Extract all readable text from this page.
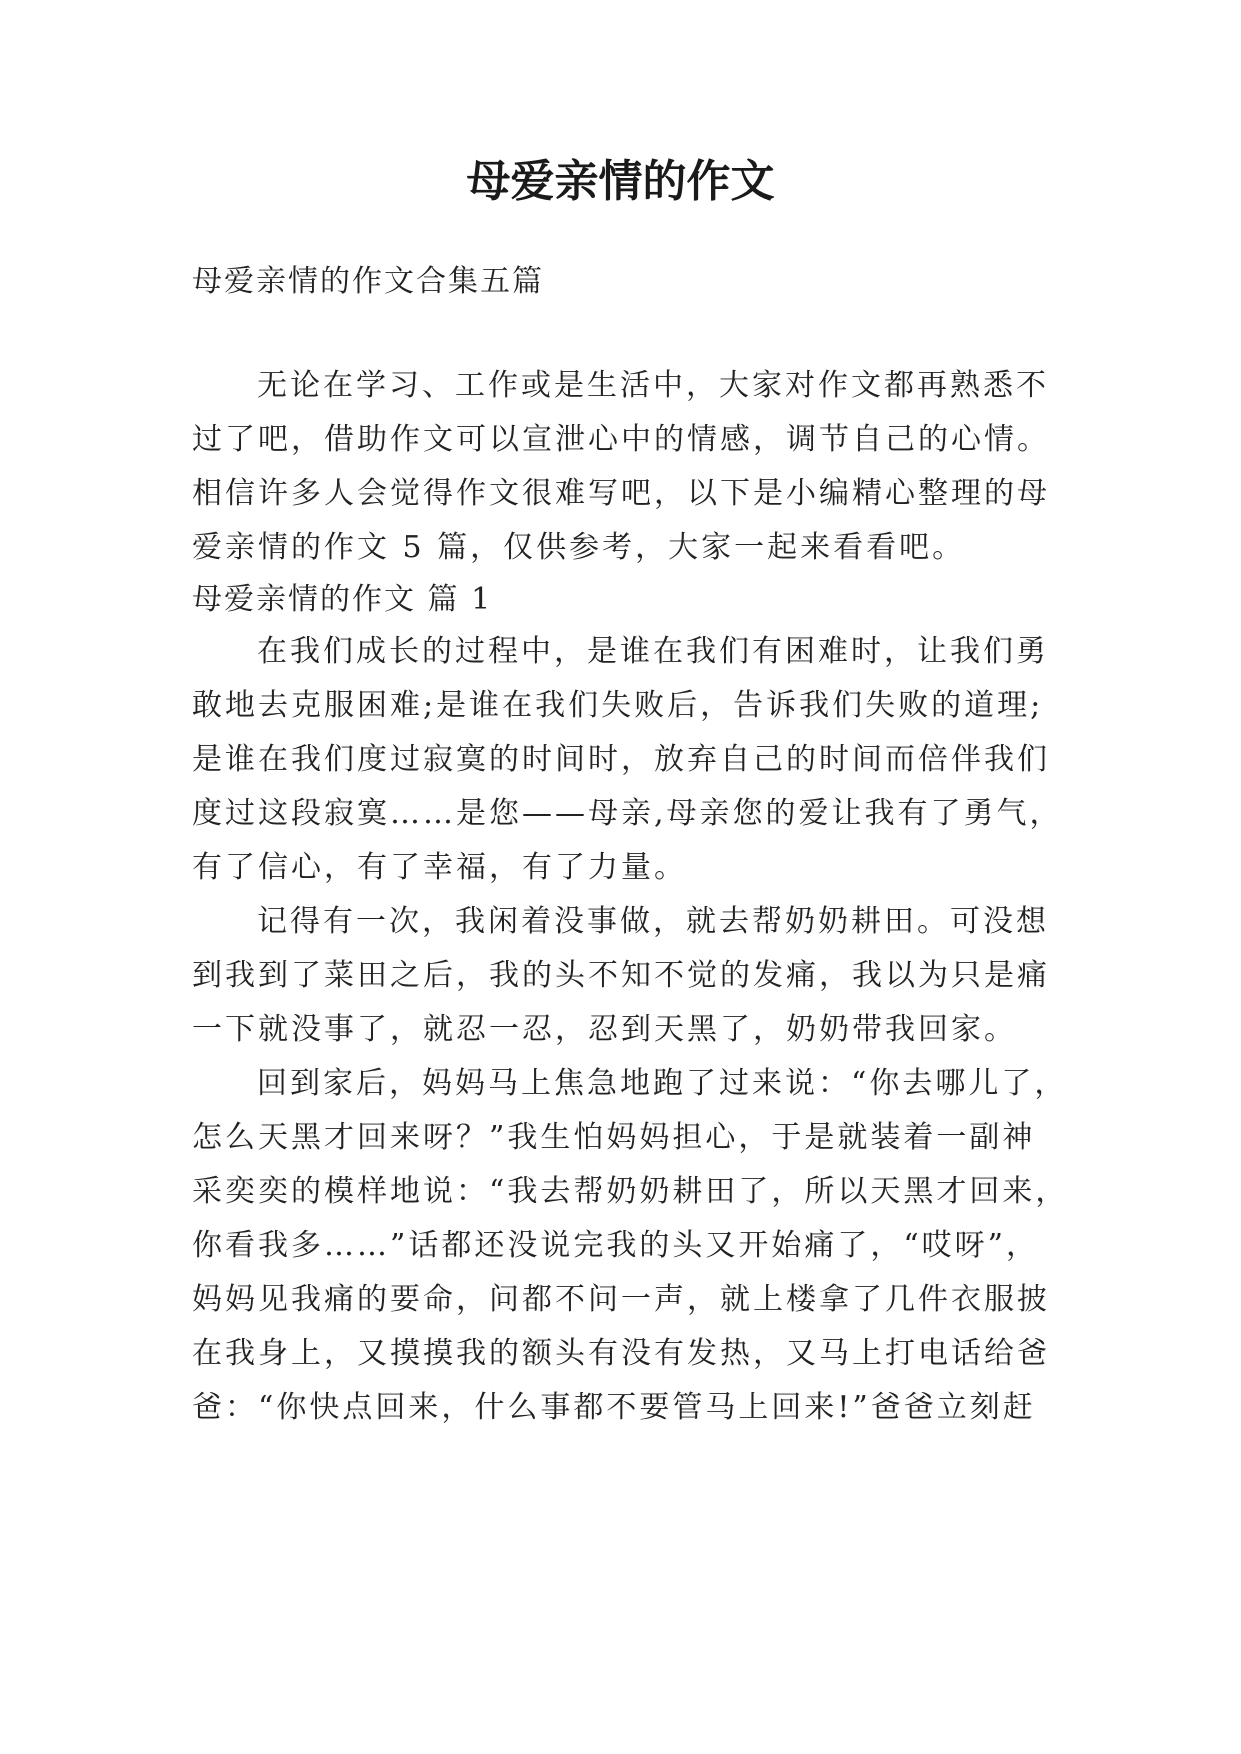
母爱亲情的作文

母爱亲情的作文合集五篇

无论在学习、工作或是生活中，大家对作文都再熟悉不

过了吧，借助作文可以宣泄心中的情感，调节自己的心情。

相信许多人会觉得作文很难写吧，以下是小编精心整理的母

爱亲情的作文 5 篇，仅供参考，大家一起来看看吧。

母爱亲情的作文 篇 1

在我们成长的过程中，是谁在我们有困难时，让我们勇

敢地去克服困难;是谁在我们失败后，告诉我们失败的道理;

是谁在我们度过寂寞的时间时，放弃自己的时间而倍伴我们

度过这段寂寞……是您——母亲,母亲您的爱让我有了勇气，

有了信心，有了幸福，有了力量。

记得有一次，我闲着没事做，就去帮奶奶耕田。可没想

到我到了菜田之后，我的头不知不觉的发痛，我以为只是痛

一下就没事了，就忍一忍，忍到天黑了，奶奶带我回家。

回到家后，妈妈马上焦急地跑了过来说：“你去哪儿了，

怎么天黑才回来呀？”我生怕妈妈担心，于是就装着一副神

采奕奕的模样地说：“我去帮奶奶耕田了，所以天黑才回来，

你看我多……”话都还没说完我的头又开始痛了，“哎呀”，

妈妈见我痛的要命，问都不问一声，就上楼拿了几件衣服披

在我身上，又摸摸我的额头有没有发热，又马上打电话给爸

爸：“你快点回来，什么事都不要管马上回来!”爸爸立刻赶
